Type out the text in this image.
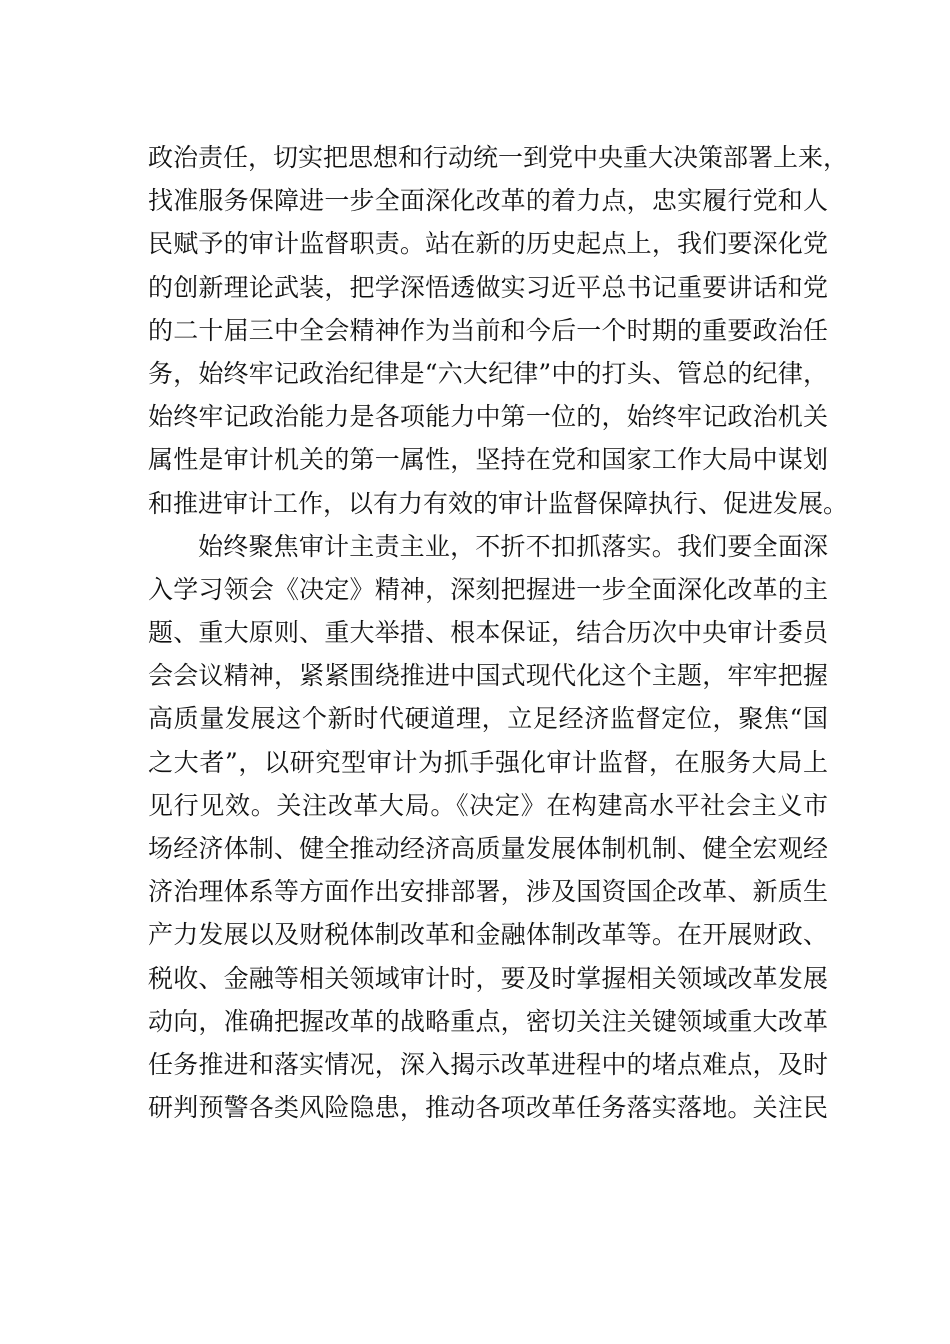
政治责任，切实把思想和行动统一到党中央重大决策部署上来，
找准服务保障进一步全面深化改革的着力点，忠实履行党和人
民赋予的审计监督职责。站在新的历史起点上，我们要深化党
的创新理论武装，把学深悟透做实习近平总书记重要讲话和党
的二十届三中全会精神作为当前和今后一个时期的重要政治任
务，始终牢记政治纪律是“六大纪律”中的打头、管总的纪律，
始终牢记政治能力是各项能力中第一位的，始终牢记政治机关
属性是审计机关的第一属性，坚持在党和国家工作大局中谋划
和推进审计工作，以有力有效的审计监督保障执行、促进发展。
始终聚焦审计主责主业，不折不扣抓落实。我们要全面深
入学习领会《决定》精神，深刻把握进一步全面深化改革的主
题、重大原则、重大举措、根本保证，结合历次中央审计委员
会会议精神，紧紧围绕推进中国式现代化这个主题，牢牢把握
高质量发展这个新时代硬道理，立足经济监督定位，聚焦“国
之大者”，以研究型审计为抓手强化审计监督，在服务大局上
见行见效。关注改革大局。《决定》在构建高水平社会主义市
场经济体制、健全推动经济高质量发展体制机制、健全宏观经
济治理体系等方面作出安排部署，涉及国资国企改革、新质生
产力发展以及财税体制改革和金融体制改革等。在开展财政、
税收、金融等相关领域审计时，要及时掌握相关领域改革发展
动向，准确把握改革的战略重点，密切关注关键领域重大改革
任务推进和落实情况，深入揭示改革进程中的堵点难点，及时
研判预警各类风险隐患，推动各项改革任务落实落地。关注民
